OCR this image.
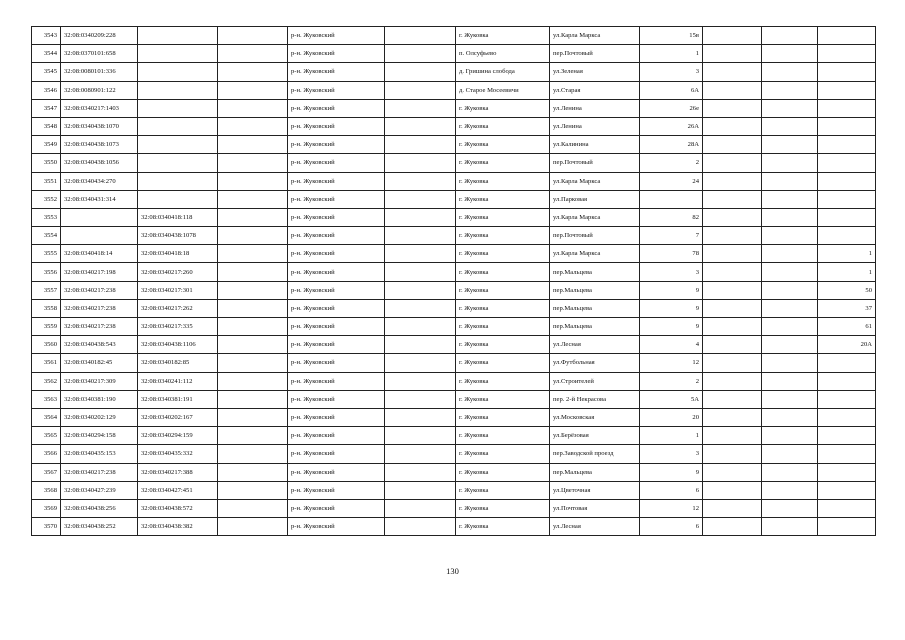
3543	32:08:0340209:228			р-н. Жуковский		г. Жуковка	ул.Карла Маркса	15в			
3544	32:08:0370101:658			р-н. Жуковский		п. Олсуфьево	пер.Почтовый	1			
3545	32:08:0080101:336			р-н. Жуковский		д. Гришина слобода	ул.Зеленая	3			
3546	32:08:0080901:122			р-н. Жуковский		д. Старое Мосеевичи	ул.Старая	6А			
3547	32:08:0340217:1403			р-н. Жуковский		г. Жуковка	ул.Ленина	26е			
3548	32:08:0340438:1070			р-н. Жуковский		г. Жуковка	ул.Ленина	26А			
3549	32:08:0340438:1073			р-н. Жуковский		г. Жуковка	ул.Калинина	28А			
3550	32:08:0340438:1056			р-н. Жуковский		г. Жуковка	пер.Почтовый	2			
3551	32:08:0340434:270			р-н. Жуковский		г. Жуковка	ул.Карла Маркса	24			
3552	32:08:0340431:314			р-н. Жуковский		г. Жуковка	ул.Парковая				
3553		32:08:0340418:118		р-н. Жуковский		г. Жуковка	ул.Карла Маркса	82			
3554		32:08:0340438:1078		р-н. Жуковский		г. Жуковка	пер.Почтовый	7			
3555	32:08:0340418:14	32:08:0340418:18		р-н. Жуковский		г. Жуковка	ул.Карла Маркса	78			1
3556	32:08:0340217:198	32:08:0340217:260		р-н. Жуковский		г. Жуковка	пер.Мальцева	3			1
3557	32:08:0340217:238	32:08:0340217:301		р-н. Жуковский		г. Жуковка	пер.Мальцева	9			50
3558	32:08:0340217:238	32:08:0340217:262		р-н. Жуковский		г. Жуковка	пер.Мальцева	9			37
3559	32:08:0340217:238	32:08:0340217:335		р-н. Жуковский		г. Жуковка	пер.Мальцева	9			61
3560	32:08:0340438:543	32:08:0340438:1106		р-н. Жуковский		г. Жуковка	ул.Лесная	4			20А
3561	32:08:0340182:45	32:08:0340182:85		р-н. Жуковский		г. Жуковка	ул.Футбольная	12			
3562	32:08:0340217:309	32:08:0340241:112		р-н. Жуковский		г. Жуковка	ул.Строителей	2			
3563	32:08:0340381:190	32:08:0340381:191		р-н. Жуковский		г. Жуковка	пер. 2-й Некрасова	5А			
3564	32:08:0340202:129	32:08:0340202:167		р-н. Жуковский		г. Жуковка	ул.Московская	20			
3565	32:08:0340294:158	32:08:0340294:159		р-н. Жуковский		г. Жуковка	ул.Берёзовая	1			
3566	32:08:0340435:153	32:08:0340435:332		р-н. Жуковский		г. Жуковка	пер.Заводской проезд	3			
3567	32:08:0340217:238	32:08:0340217:388		р-н. Жуковский		г. Жуковка	пер.Мальцева	9			
3568	32:08:0340427:239	32:08:0340427:451		р-н. Жуковский		г. Жуковка	ул.Цветочная	6			
3569	32:08:0340438:256	32:08:0340438:572		р-н. Жуковский		г. Жуковка	ул.Почтовая	12			
3570	32:08:0340438:252	32:08:0340438:382		р-н. Жуковский		г. Жуковка	ул.Лесная	6			
130
